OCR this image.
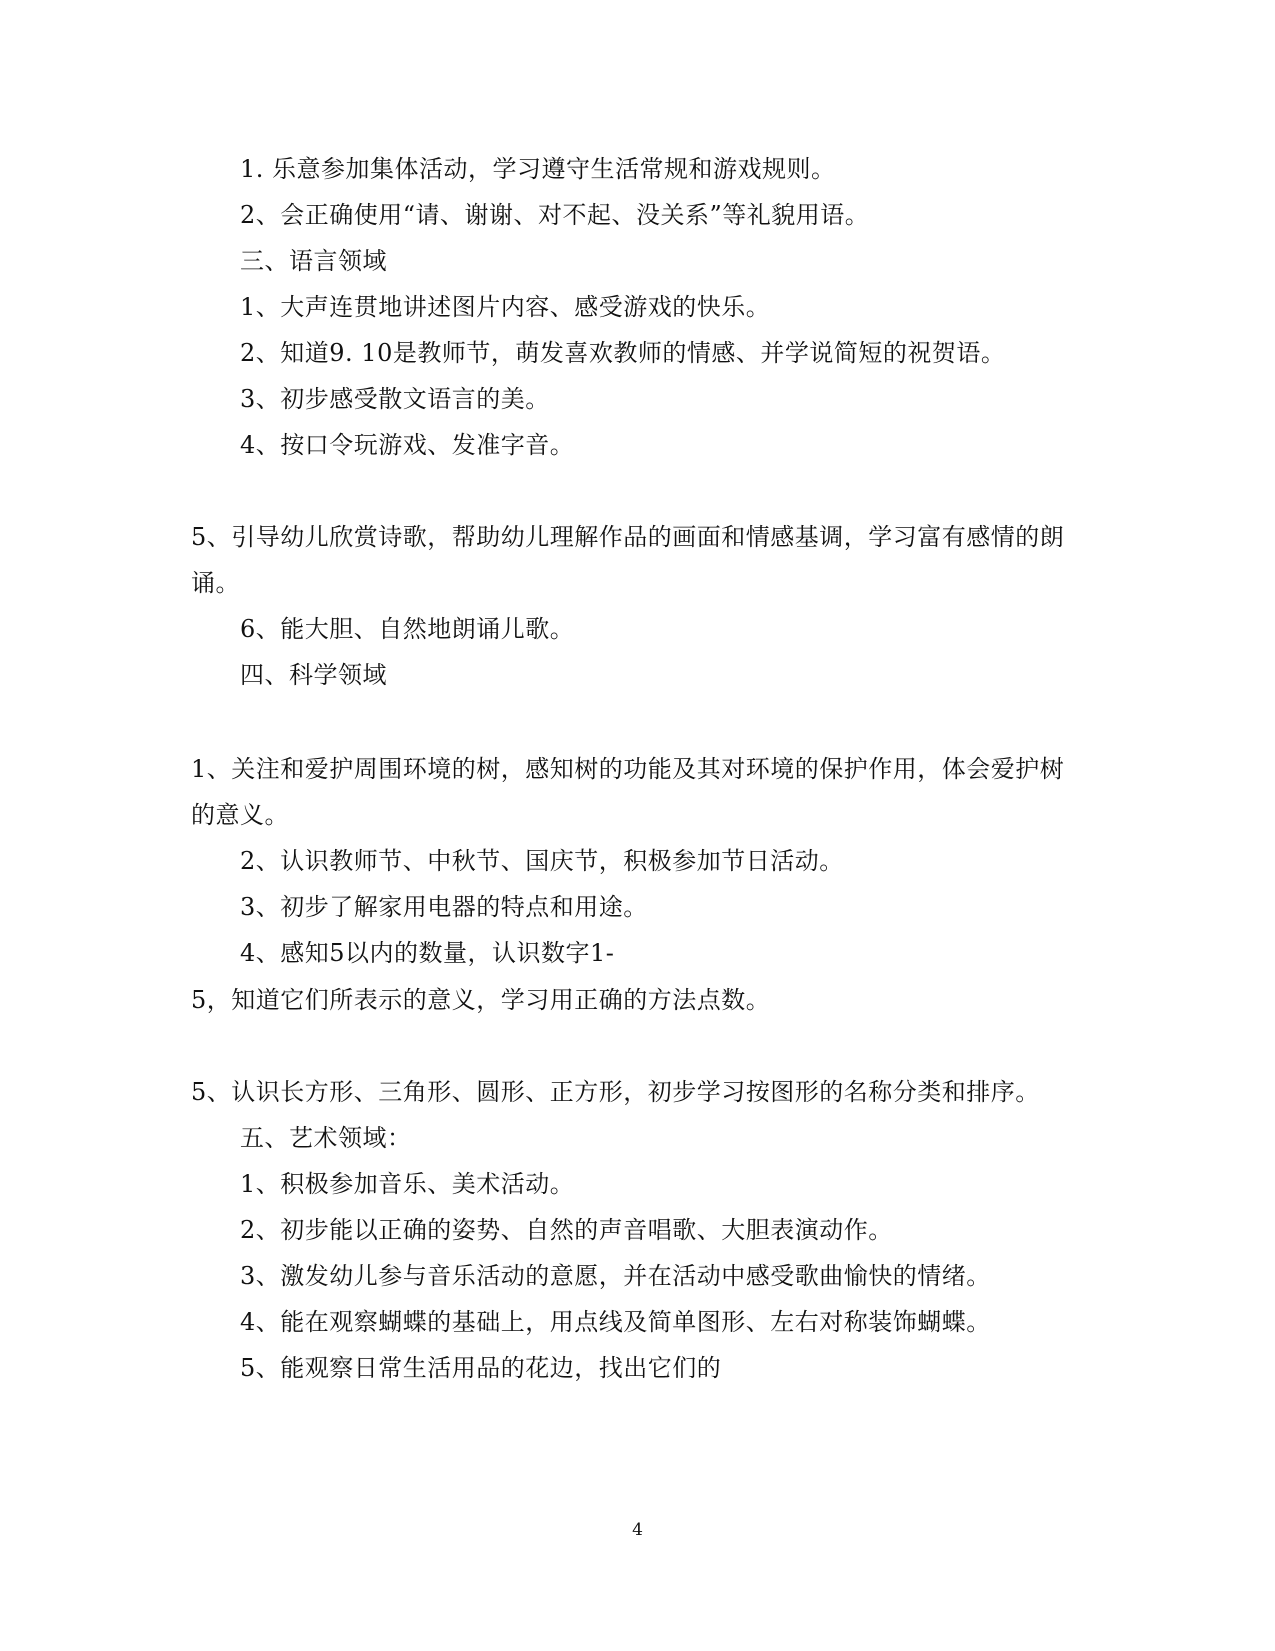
1. 乐意参加集体活动，学习遵守生活常规和游戏规则。
2、会正确使用“请、谢谢、对不起、没关系”等礼貌用语。
三、语言领域
1、大声连贯地讲述图片内容、感受游戏的快乐。
2、知道9. 10是教师节，萌发喜欢教师的情感、并学说简短的祝贺语。
3、初步感受散文语言的美。
4、按口令玩游戏、发准字音。
5、引导幼儿欣赏诗歌，帮助幼儿理解作品的画面和情感基调，学习富有感情的朗
诵。
6、能大胆、自然地朗诵儿歌。
四、科学领域
1、关注和爱护周围环境的树，感知树的功能及其对环境的保护作用，体会爱护树
的意义。
2、认识教师节、中秋节、国庆节，积极参加节日活动。
3、初步了解家用电器的特点和用途。
4、感知5以内的数量，认识数字1-
5，知道它们所表示的意义，学习用正确的方法点数。
5、认识长方形、三角形、圆形、正方形，初步学习按图形的名称分类和排序。
五、艺术领域：
1、积极参加音乐、美术活动。
2、初步能以正确的姿势、自然的声音唱歌、大胆表演动作。
3、激发幼儿参与音乐活动的意愿，并在活动中感受歌曲愉快的情绪。
4、能在观察蝴蝶的基础上，用点线及简单图形、左右对称装饰蝴蝶。
5、能观察日常生活用品的花边，找出它们的
4
